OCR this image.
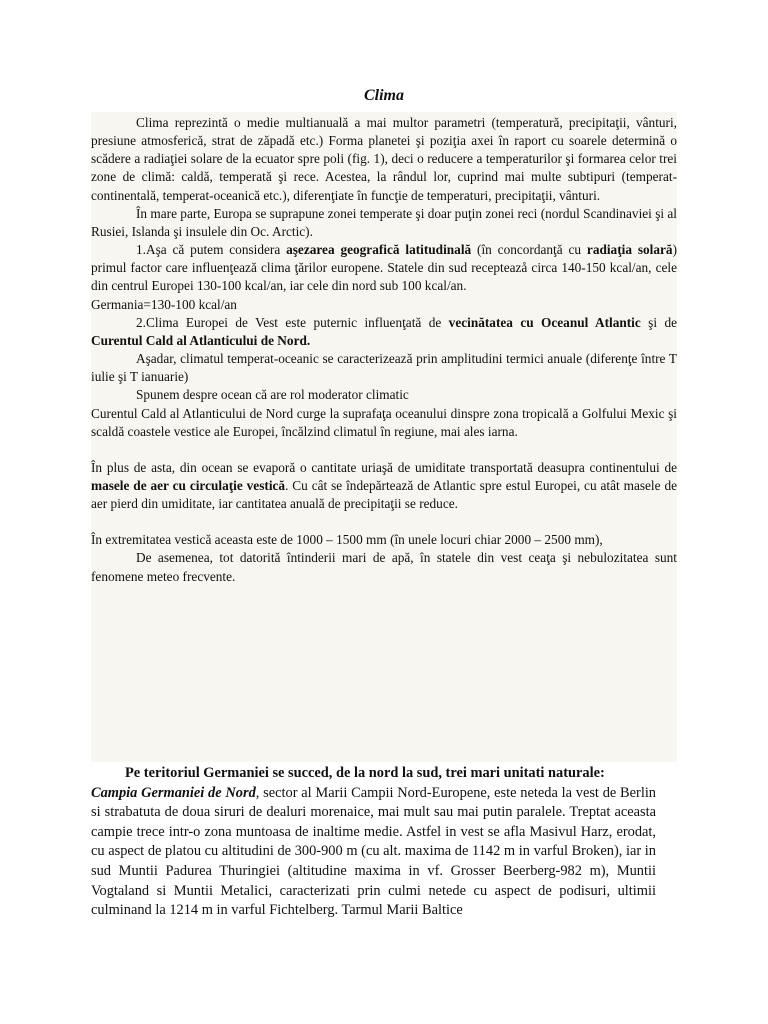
Clima

Clima reprezintă o medie multianuală a mai multor parametri (temperatură, precipitaţii, vânturi, presiune atmosferică, strat de zăpadă etc.) Forma planetei şi poziţia axei în raport cu soarele determină o scădere a radiaţiei solare de la ecuator spre poli (fig. 1), deci o reducere a temperaturilor şi formarea celor trei zone de climă: caldă, temperată şi rece. Acestea, la rândul lor, cuprind mai multe subtipuri (temperat-continentală, temperat-oceanică etc.), diferenţiate în funcţie de temperaturi, precipitaţii, vânturi.

În mare parte, Europa se suprapune zonei temperate şi doar puţin zonei reci (nordul Scandinaviei şi al Rusiei, Islanda şi insulele din Oc. Arctic).

1.Aşa că putem considera aşezarea geografică latitudinală (în concordanţă cu radiaţia solară) primul factor care influenţează clima ţărilor europene. Statele din sud recepteazå circa 140-150 kcal/an, cele din centrul Europei 130-100 kcal/an, iar cele din nord sub 100 kcal/an.

Germania=130-100 kcal/an

2.Clima Europei de Vest este puternic influenţată de vecinătatea cu Oceanul Atlantic şi de Curentul Cald al Atlanticului de Nord.

Aşadar, climatul temperat-oceanic se caracterizează prin amplitudini termici anuale (diferenţe între T iulie şi T ianuarie)

Spunem despre ocean că are rol moderator climatic

Curentul Cald al Atlanticului de Nord curge la suprafaţa oceanului dinspre zona tropicală a Golfului Mexic şi scaldă coastele vestice ale Europei, încălzind climatul în regiune, mai ales iarna.

În plus de asta, din ocean se evaporă o cantitate uriaşă de umiditate transportată deasupra continentului de masele de aer cu circulaţie vestică. Cu cât se îndepărtează de Atlantic spre estul Europei, cu atât masele de aer pierd din umiditate, iar cantitatea anuală de precipitaţii se reduce.

În extremitatea vestică aceasta este de 1000 – 1500 mm (în unele locuri chiar 2000 – 2500 mm),

De asemenea, tot datorită întinderii mari de apă, în statele din vest ceaţa şi nebulozitatea sunt fenomene meteo frecvente.

Pe teritoriul Germaniei se succed, de la nord la sud, trei mari unitati naturale:

Campia Germaniei de Nord, sector al Marii Campii Nord-Europene, este neteda la vest de Berlin si strabatuta de doua siruri de dealuri morenaice, mai mult sau mai putin paralele. Treptat aceasta campie trece intr-o zona muntoasa de inaltime medie. Astfel in vest se afla Masivul Harz, erodat, cu aspect de platou cu altitudini de 300-900 m (cu alt. maxima de 1142 m in varful Broken), iar in sud Muntii Padurea Thuringiei (altitudine maxima in vf. Grosser Beerberg-982 m), Muntii Vogtaland si Muntii Metalici, caracterizati prin culmi netede cu aspect de podisuri, ultimii culminand la 1214 m in varful Fichtelberg. Tarmul Marii Baltice
